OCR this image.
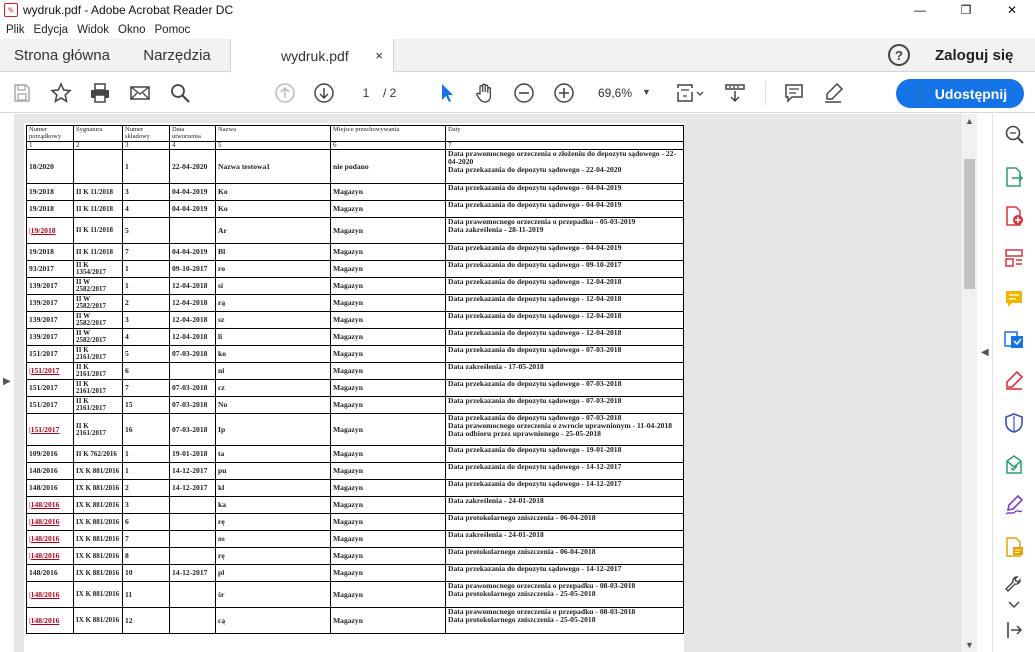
✎ wydruk.pdf - Adobe Acrobat Reader DC	—	❐	✕
Plik Edycja Widok Okno Pomoc
Strona główna	Narzędzia	wydruk.pdf ×	?	Zaloguj się
1	/ 2	69,6% ▼	👤 Udostępnij
▶
Numer porządkowy	Sygnatura	Numer składowy	Data utworzenia	Nazwa	Miejsce przechowywania	Daty
1	2	3	4	5	6	7
18/2020		1	22-04-2020	Nazwa testowa1	nie podano	Data prawomocnego orzeczenia o złożeniu do depozytu sądowego - 22-04-2020
Data przekazania do depozytu sądowego - 22-04-2020
19/2018	II K 11/2018	3	04-04-2019	Ko	Magazyn	Data przekazania do depozytu sądowego - 04-04-2019
19/2018	II K 11/2018	4	04-04-2019	Ko	Magazyn	Data przekazania do depozytu sądowego - 04-04-2019
|19/2018	II K 11/2018	5		Ar	Magazyn	Data prawomocnego orzeczenia o przepadku - 05-03-2019
Data zakreślenia - 28-11-2019
19/2018	II K 11/2018	7	04-04-2019	Bl	Magazyn	Data przekazania do depozytu sądowego - 04-04-2019
93/2017	II K 1354/2017	1	09-10-2017	ro	Magazyn	Data przekazania do depozytu sądowego - 09-10-2017
139/2017	II W 2582/2017	1	12-04-2018	si	Magazyn	Data przekazania do depozytu sądowego - 12-04-2018
139/2017	II W 2582/2017	2	12-04-2018	rą	Magazyn	Data przekazania do depozytu sądowego - 12-04-2018
139/2017	II W 2582/2017	3	12-04-2018	sz	Magazyn	Data przekazania do depozytu sądowego - 12-04-2018
139/2017	II W 2582/2017	4	12-04-2018	li	Magazyn	Data przekazania do depozytu sądowego - 12-04-2018
151/2017	II K 2161/2017	5	07-03-2018	ko	Magazyn	Data przekazania do depozytu sądowego - 07-03-2018
|151/2017	II K 2161/2017	6		ni	Magazyn	Data zakreślenia - 17-05-2018
151/2017	II K 2161/2017	7	07-03-2018	cz	Magazyn	Data przekazania do depozytu sądowego - 07-03-2018
151/2017	II K 2161/2017	15	07-03-2018	No	Magazyn	Data przekazania do depozytu sądowego - 07-03-2018
|151/2017	II K 2161/2017	16	07-03-2018	Ip	Magazyn	Data przekazania do depozytu sądowego - 07-03-2018
Data prawomocnego orzeczenia o zwrocie uprawnionym - 11-04-2018
Data odbioru przez uprawnionego - 25-05-2018
109/2016	II K 762/2016	1	19-01-2018	ta	Magazyn	Data przekazania do depozytu sądowego - 19-01-2018
148/2016	IX K 881/2016	1	14-12-2017	pu	Magazyn	Data przekazania do depozytu sądowego - 14-12-2017
148/2016	IX K 881/2016	2	14-12-2017	kl	Magazyn	Data przekazania do depozytu sądowego - 14-12-2017
|148/2016	IX K 881/2016	3		ka	Magazyn	Data zakreślenia - 24-01-2018
|148/2016	IX K 881/2016	6		rę	Magazyn	Data protokolarnego zniszczenia - 06-04-2018
|148/2016	IX K 881/2016	7		os	Magazyn	Data zakreślenia - 24-01-2018
|148/2016	IX K 881/2016	8		rę	Magazyn	Data protokolarnego zniszczenia - 06-04-2018
148/2016	IX K 881/2016	10	14-12-2017	pl	Magazyn	Data przekazania do depozytu sądowego - 14-12-2017
|148/2016	IX K 881/2016	11		śr	Magazyn	Data prawomocnego orzeczenia o przepadku - 08-03-2018
Data protokolarnego zniszczenia - 25-05-2018
|148/2016	IX K 881/2016	12		cą	Magazyn	Data prawomocnego orzeczenia o przepadku - 08-03-2018
Data protokolarnego zniszczenia - 25-05-2018
▲
▼
◀
